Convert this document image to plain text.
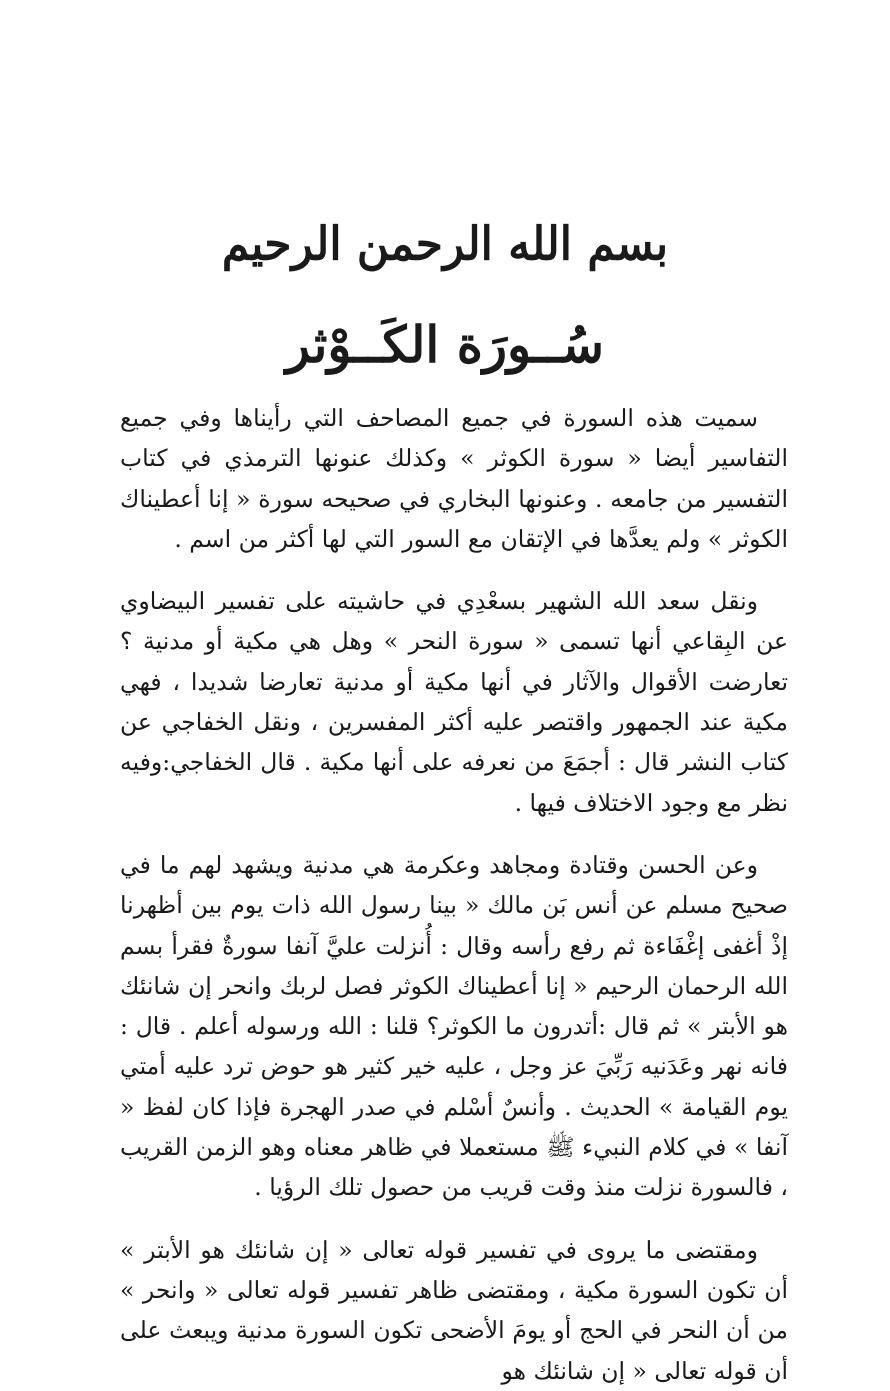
بسم الله الرحمن الرحيم
سُــورَة الكَــوْثر

سميت هذه السورة في جميع المصاحف التي رأيناها وفي جميع التفاسير أيضا « سورة الكوثر » وكذلك عنونها الترمذي في كتاب التفسير من جامعه . وعنونها البخاري في صحيحه سورة « إنا أعطيناك الكوثر » ولم يعدَّها في الإتقان مع السور التي لها أكثر من اسم .

ونقل سعد الله الشهير بسعْدِي في حاشيته على تفسير البيضاوي عن البِقاعي أنها تسمى « سورة النحر » وهل هي مكية أو مدنية ؟ تعارضت الأقوال والآثار في أنها مكية أو مدنية تعارضا شديدا ، فهي مكية عند الجمهور واقتصر عليه أكثر المفسرين ، ونقل الخفاجي عن كتاب النشر قال : أجمَعَ من نعرفه على أنها مكية . قال الخفاجي:وفيه نظر مع وجود الاختلاف فيها .

وعن الحسن وقتادة ومجاهد وعكرمة هي مدنية ويشهد لهم ما في صحيح مسلم عن أنس بَن مالك « بينا رسول الله ذات يوم بين أظهرنا إذْ أغفى إغْفَاءة ثم رفع رأسه وقال : أُنزلت عليَّ آنفا سورةٌ فقرأ بسم الله الرحمان الرحيم « إنا أعطيناك الكوثر فصل لربك وانحر إن شانئك هو الأبتر » ثم قال :أتدرون ما الكوثر؟ قلنا : الله ورسوله أعلم . قال : فانه نهر وعَدَنيه رَبِّيَ عز وجل ، عليه خير كثير هو حوض ترد عليه أمتي يوم القيامة » الحديث . وأنسٌ أسْلم في صدر الهجرة فإذا كان لفظ « آنفا » في كلام النبيء ﷺ مستعملا في ظاهر معناه وهو الزمن القريب ، فالسورة نزلت منذ وقت قريب من حصول تلك الرؤيا .

ومقتضى ما يروى في تفسير قوله تعالى « إن شانئك هو الأبتر » أن تكون السورة مكية ، ومقتضى ظاهر تفسير قوله تعالى « وانحر » من أن النحر في الحج أو يومَ الأضحى تكون السورة مدنية ويبعث على أن قوله تعالى « إن شانئك هو
